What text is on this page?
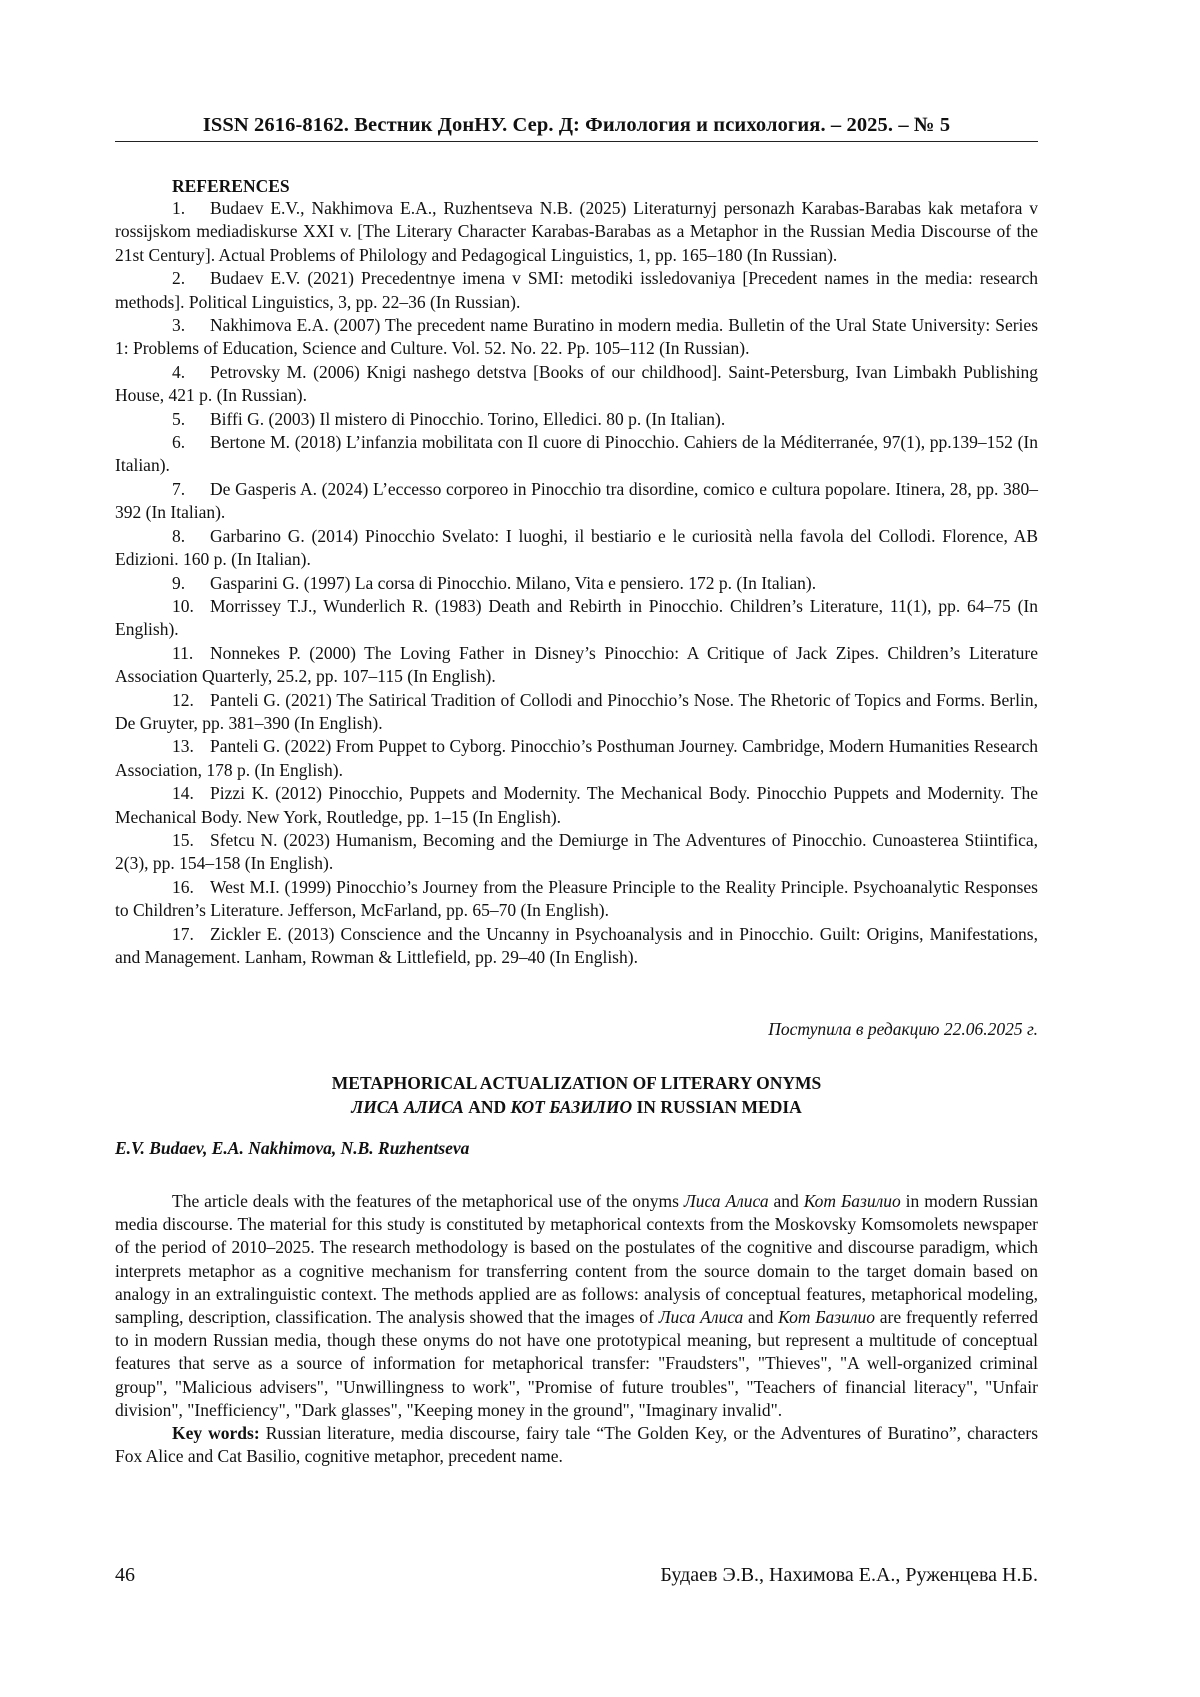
ISSN 2616-8162. Вестник ДонНУ. Сер. Д: Филология и психология. – 2025. – № 5
REFERENCES

1. Budaev E.V., Nakhimova E.A., Ruzhentseva N.B. (2025) Literaturnyj personazh Karabas-Barabas kak metafora v rossijskom mediadiskurse XXI v. [The Literary Character Karabas-Barabas as a Metaphor in the Russian Media Discourse of the 21st Century]. Actual Problems of Philology and Pedagogical Linguistics, 1, pp. 165–180 (In Russian).

2. Budaev E.V. (2021) Precedentnye imena v SMI: metodiki issledovaniya [Precedent names in the media: research methods]. Political Linguistics, 3, pp. 22–36 (In Russian).

3. Nakhimova E.A. (2007) The precedent name Buratino in modern media. Bulletin of the Ural State University: Series 1: Problems of Education, Science and Culture. Vol. 52. No. 22. Pp. 105–112 (In Russian).

4. Petrovsky M. (2006) Knigi nashego detstva [Books of our childhood]. Saint-Petersburg, Ivan Limbakh Publishing House, 421 p. (In Russian).

5. Biffi G. (2003) Il mistero di Pinocchio. Torino, Elledici. 80 p. (In Italian).

6. Bertone M. (2018) L’infanzia mobilitata con Il cuore di Pinocchio. Cahiers de la Méditerranée, 97(1), pp.139–152 (In Italian).

7. De Gasperis A. (2024) L’eccesso corporeo in Pinocchio tra disordine, comico e cultura popolare. Itinera, 28, pp. 380–392 (In Italian).

8. Garbarino G. (2014) Pinocchio Svelato: I luoghi, il bestiario e le curiosità nella favola del Collodi. Florence, AB Edizioni. 160 p. (In Italian).

9. Gasparini G. (1997) La corsa di Pinocchio. Milano, Vita e pensiero. 172 p. (In Italian).

10. Morrissey T.J., Wunderlich R. (1983) Death and Rebirth in Pinocchio. Children’s Literature, 11(1), pp. 64–75 (In English).

11. Nonnekes P. (2000) The Loving Father in Disney’s Pinocchio: A Critique of Jack Zipes. Children’s Literature Association Quarterly, 25.2, pp. 107–115 (In English).

12. Panteli G. (2021) The Satirical Tradition of Collodi and Pinocchio’s Nose. The Rhetoric of Topics and Forms. Berlin, De Gruyter, pp. 381–390 (In English).

13. Panteli G. (2022) From Puppet to Cyborg. Pinocchio’s Posthuman Journey. Cambridge, Modern Humanities Research Association, 178 p. (In English).

14. Pizzi K. (2012) Pinocchio, Puppets and Modernity. The Mechanical Body. Pinocchio Puppets and Modernity. The Mechanical Body. New York, Routledge, pp. 1–15 (In English).

15. Sfetcu N. (2023) Humanism, Becoming and the Demiurge in The Adventures of Pinocchio. Cunoasterea Stiintifica, 2(3), pp. 154–158 (In English).

16. West M.I. (1999) Pinocchio’s Journey from the Pleasure Principle to the Reality Principle. Psychoanalytic Responses to Children’s Literature. Jefferson, McFarland, pp. 65–70 (In English).

17. Zickler E. (2013) Conscience and the Uncanny in Psychoanalysis and in Pinocchio. Guilt: Origins, Manifestations, and Management. Lanham, Rowman & Littlefield, pp. 29–40 (In English).

Поступила в редакцию 22.06.2025 г.
METAPHORICAL ACTUALIZATION OF LITERARY ONYMS
ЛИСА АЛИСА AND КОТ БАЗИЛИО IN RUSSIAN MEDIA
E.V. Budaev, E.A. Nakhimova, N.B. Ruzhentseva

The article deals with the features of the metaphorical use of the onyms Лиса Алиса and Кот Базилио in modern Russian media discourse. The material for this study is constituted by metaphorical contexts from the Moskovsky Komsomolets newspaper of the period of 2010–2025. The research methodology is based on the postulates of the cognitive and discourse paradigm, which interprets metaphor as a cognitive mechanism for transferring content from the source domain to the target domain based on analogy in an extralinguistic context. The methods applied are as follows: analysis of conceptual features, metaphorical modeling, sampling, description, classification. The analysis showed that the images of Лиса Алиса and Кот Базилио are frequently referred to in modern Russian media, though these onyms do not have one prototypical meaning, but represent a multitude of conceptual features that serve as a source of information for metaphorical transfer: "Fraudsters", "Thieves", "A well-organized criminal group", "Malicious advisers", "Unwillingness to work", "Promise of future troubles", "Teachers of financial literacy", "Unfair division", "Inefficiency", "Dark glasses", "Keeping money in the ground", "Imaginary invalid".

Key words: Russian literature, media discourse, fairy tale “The Golden Key, or the Adventures of Buratino”, characters Fox Alice and Cat Basilio, cognitive metaphor, precedent name.

46	Будаев Э.В., Нахимова Е.А., Руженцева Н.Б.
